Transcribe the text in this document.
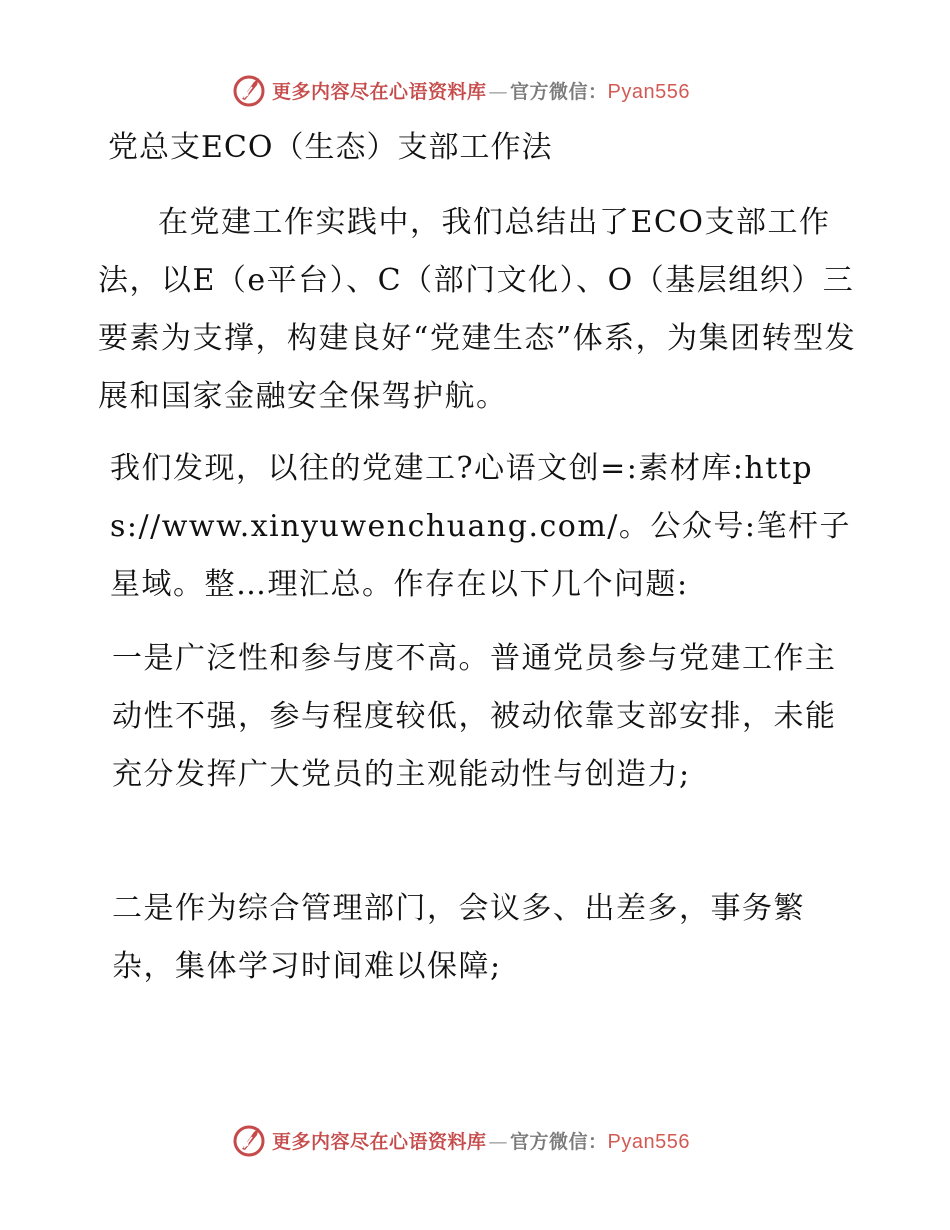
更多内容尽在心语资料库 — 官方微信：Pyan556
党总支ECO（生态）支部工作法

在党建工作实践中，我们总结出了ECO支部工作法，以E（e平台）、C（部门文化）、O（基层组织）三要素为支撑，构建良好“党建生态”体系，为集团转型发展和国家金融安全保驾护航。

我们发现，以往的党建工?心语文创=:素材库:https://www.xinyuwenchuang.com/。公众号:笔杆子星域。整…理汇总。作存在以下几个问题:

一是广泛性和参与度不高。普通党员参与党建工作主动性不强，参与程度较低，被动依靠支部安排，未能充分发挥广大党员的主观能动性与创造力;

二是作为综合管理部门，会议多、出差多，事务繁杂，集体学习时间难以保障;

更多内容尽在心语资料库 — 官方微信：Pyan556
